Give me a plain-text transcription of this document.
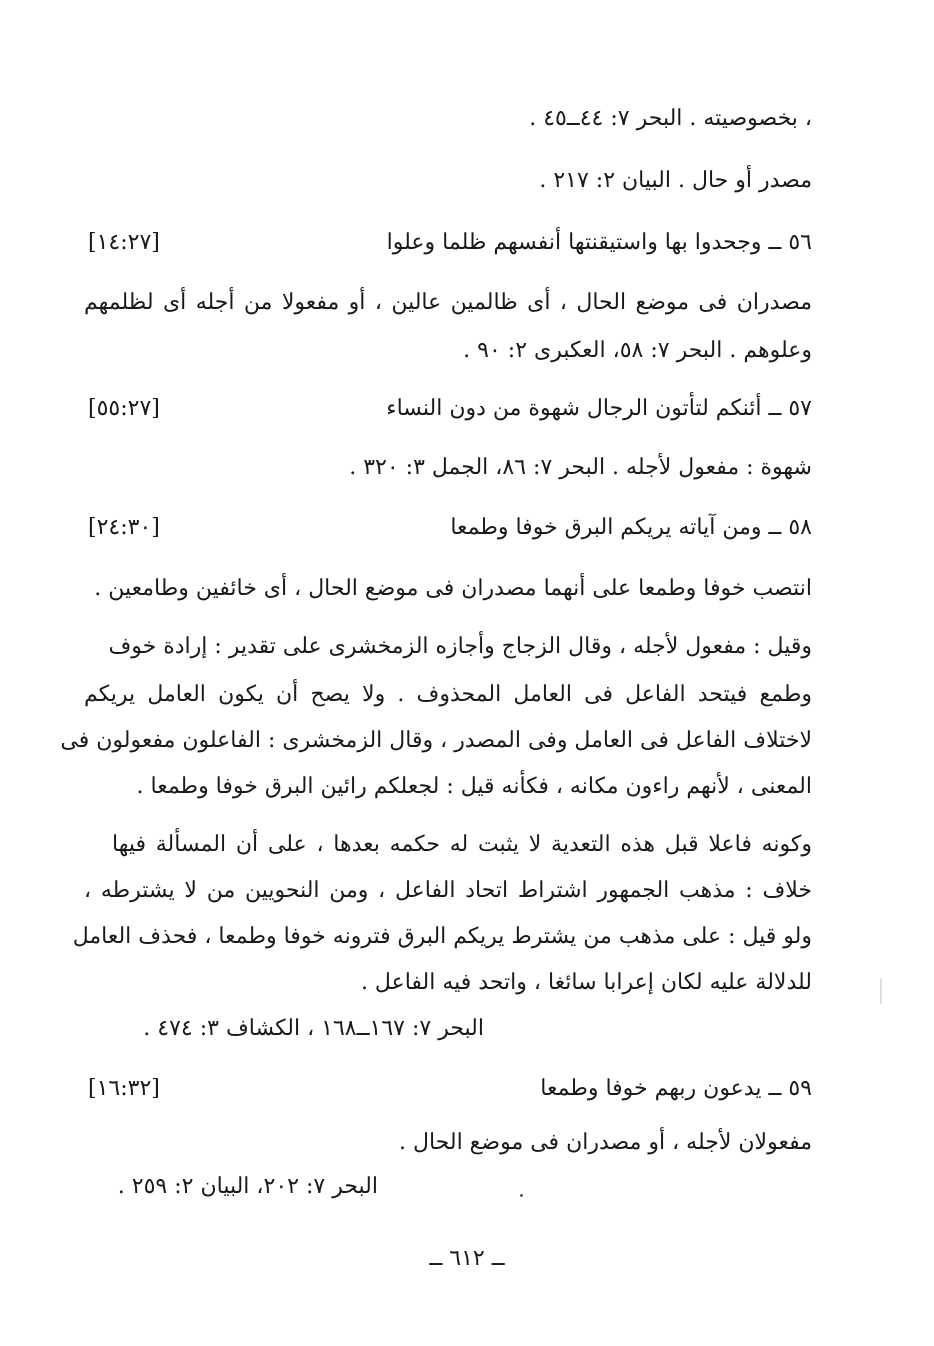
، بخصوصيته . البحر ٧: ٤٤ــ٤٥ .
مصدر أو حال . البيان ٢: ٢١٧ .
٥٦ ــ وجحدوا بها واستيقنتها أنفسهم ظلما وعلوا
[١٤:٢٧]
مصدران فى موضع الحال ، أى ظالمين عالين ، أو مفعولا من أجله أى لظلمهم
وعلوهم . البحر ٧: ٥٨، العكبرى ٢: ٩٠ .
٥٧ ــ أئنكم لتأتون الرجال شهوة من دون النساء
[٥٥:٢٧]
شهوة : مفعول لأجله . البحر ٧: ٨٦، الجمل ٣: ٣٢٠ .
٥٨ ــ ومن آياته يريكم البرق خوفا وطمعا
[٢٤:٣٠]
انتصب خوفا وطمعا على أنهما مصدران فى موضع الحال ، أى خائفين وطامعين .
وقيل : مفعول لأجله ، وقال الزجاج وأجازه الزمخشرى على تقدير : إرادة خوف
وطمع فيتحد الفاعل فى العامل المحذوف . ولا يصح أن يكون العامل يريكم
لاختلاف الفاعل فى العامل وفى المصدر ، وقال الزمخشرى : الفاعلون مفعولون فى
المعنى ، لأنهم راءون مكانه ، فكأنه قيل : لجعلكم رائين البرق خوفا وطمعا .
وكونه فاعلا قبل هذه التعدية لا يثبت له حكمه بعدها ، على أن المسألة فيها
خلاف : مذهب الجمهور اشتراط اتحاد الفاعل ، ومن النحويين من لا يشترطه ،
ولو قيل : على مذهب من يشترط يريكم البرق فترونه خوفا وطمعا ، فحذف العامل
للدلالة عليه لكان إعرابا سائغا ، واتحد فيه الفاعل .
البحر ٧: ١٦٧ــ١٦٨ ، الكشاف ٣: ٤٧٤ .
٥٩ ــ يدعون ربهم خوفا وطمعا
[١٦:٣٢]
مفعولان لأجله ، أو مصدران فى موضع الحال .
البحر ٧: ٢٠٢، البيان ٢: ٢٥٩ .
ــ ٦١٢ ــ
